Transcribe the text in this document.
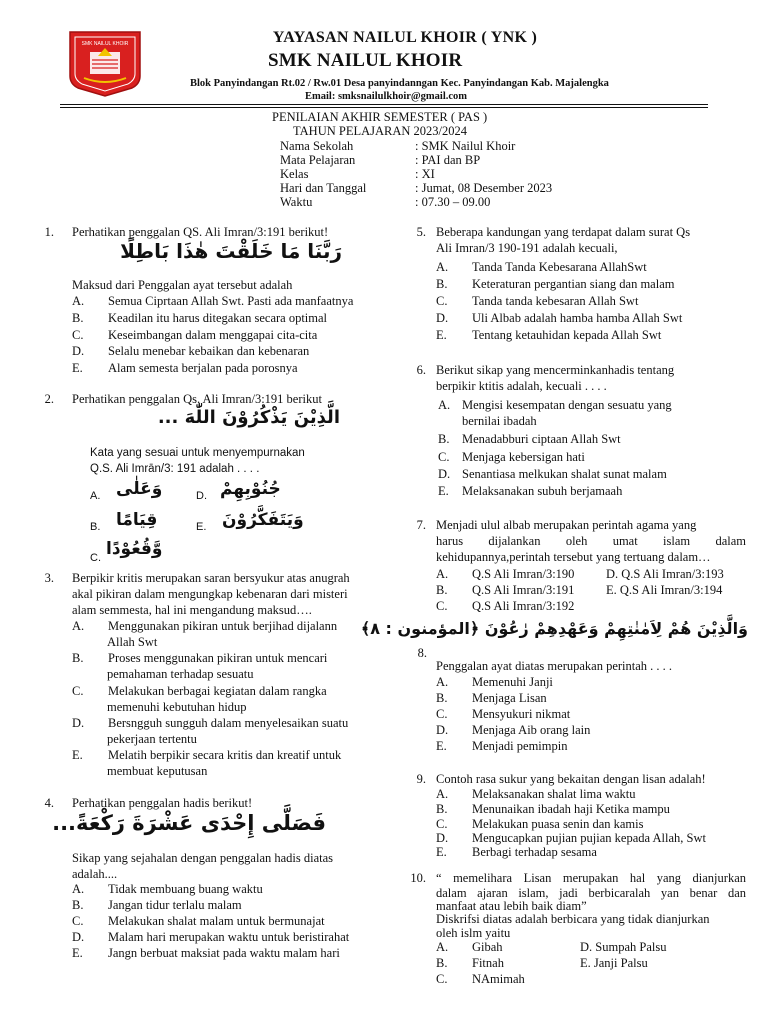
SMK NAILUL KHOIR	YAYASAN NAILUL KHOIR ( YNK )
SMK NAILUL KHOIR
Blok Panyindangan Rt.02 / Rw.01 Desa panyindanngan Kec. Panyindangan Kab. Majalengka
Email: smksnailulkhoir@gmail.com
PENILAIAN AKHIR SEMESTER ( PAS )
TAHUN PELAJARAN 2023/2024
Nama Sekolah	: SMK Nailul Khoir
Mata Pelajaran	: PAI dan BP
Kelas	: XI
Hari dan Tanggal	: Jumat, 08 Desember 2023
Waktu	: 07.30 – 09.00
1. Perhatikan penggalan QS. Ali Imran/3:191 berikut!
رَبَّنَا مَا خَلَقْتَ هٰذَا بَاطِلًا
Maksud dari Penggalan ayat tersebut adalah
A.	Semua Ciprtaan Allah Swt. Pasti ada manfaatnya
B.	Keadilan itu harus ditegakan secara optimal
C.	Keseimbangan dalam menggapai cita-cita
D.	Selalu menebar kebaikan dan kebenaran
E.	Alam semesta berjalan pada porosnya
2. Perhatikan penggalan Qs. Ali Imran/3:191 berikut
الَّذِيْنَ يَذْكُرُوْنَ اللّٰهَ ...
Kata yang sesuai untuk menyempurnakan
Q.S. Ali Imrān/3: 191 adalah . . . .
A. وَعَلٰى
B. قِيَامًا
C. وَّقُعُوْدًا
D. جُنُوْبِهِمْ
E. وَيَتَفَكَّرُوْنَ
3. Berpikir kritis merupakan saran bersyukur atas anugrah
akal pikiran dalam mengungkap kebenaran dari misteri
alam semmesta, hal ini mengandung maksud….
A.	Menggunakan pikiran untuk berjihad dijalann
Allah Swt
B.	Proses menggunakan pikiran untuk mencari
pemahaman terhadap sesuatu
C.	Melakukan berbagai kegiatan dalam rangka
memenuhi kebutuhan hidup
D.	Bersngguh sungguh dalam menyelesaikan suatu
pekerjaan tertentu
E.	Melatih berpikir secara kritis dan kreatif untuk
membuat keputusan
4. Perhatikan penggalan hadis berikut!
فَصَلَّى إِحْدَى عَشْرَةَ رَكْعَةً...
Sikap yang sejahalan dengan penggalan hadis diatas
adalah....
A.	Tidak membuang buang waktu
B.	Jangan tidur terlalu malam
C.	Melakukan shalat malam untuk bermunajat
D.	Malam hari merupakan waktu untuk beristirahat
E.	Jangn berbuat maksiat pada waktu malam hari
5. Beberapa kandungan yang terdapat dalam surat Qs
Ali Imran/3 190-191 adalah kecuali,
A.	Tanda Tanda Kebesarana AllahSwt
B.	Keteraturan pergantian siang dan malam
C.	Tanda tanda kebesaran Allah Swt
D.	Uli Albab adalah hamba hamba Allah Swt
E.	Tentang ketauhidan kepada Allah Swt
6. Berikut sikap yang mencerminkanhadis tentang
berpikir ktitis adalah, kecuali . . . .
A. Mengisi kesempatan dengan sesuatu yang
bernilai ibadah
B.	Menadabburi ciptaan Allah Swt
C.	Menjaga kebersigan hati
D. Senantiasa melkukan shalat sunat malam
E.	Melaksanakan subuh berjamaah
7. Menjadi ulul albab merupakan perintah agama yang
harus dijalankan oleh umat islam dalam
kehidupannya,perintah tersebut yang tertuang dalam…
A.	Q.S Ali Imran/3:190	D. Q.S Ali Imran/3:193
B.	Q.S Ali Imran/3:191	E. Q.S Ali Imran/3:194
C.	Q.S Ali Imran/3:192
وَالَّذِيْنَ هُمْ لِاَمٰنٰتِهِمْ وَعَهْدِهِمْ رٰعُوْنَ ﴿المؤمنون : ٨﴾
8.
Penggalan ayat diatas merupakan perintah . . . .
A.	Memenuhi Janji
B.	Menjaga Lisan
C.	Mensyukuri nikmat
D.	Menjaga Aib orang lain
E.	Menjadi pemimpin
9. Contoh rasa sukur yang bekaitan dengan lisan adalah!
A.	Melaksanakan shalat lima waktu
B.	Menunaikan ibadah haji Ketika mampu
C.	Melakukan puasa senin dan kamis
D.	Mengucapkan pujian pujian kepada Allah, Swt
E.	Berbagi terhadap sesama
10. “ memelihara Lisan merupakan hal yang dianjurkan
dalam ajaran islam, jadi berbicaralah yan benar dan
manfaat atau lebih baik diam”
Diskrifsi diatas adalah berbicara yang tidak dianjurkan
oleh islm yaitu
A.	Gibah	D. Sumpah Palsu
B.	Fitnah	E. Janji Palsu
C.	NAmimah
